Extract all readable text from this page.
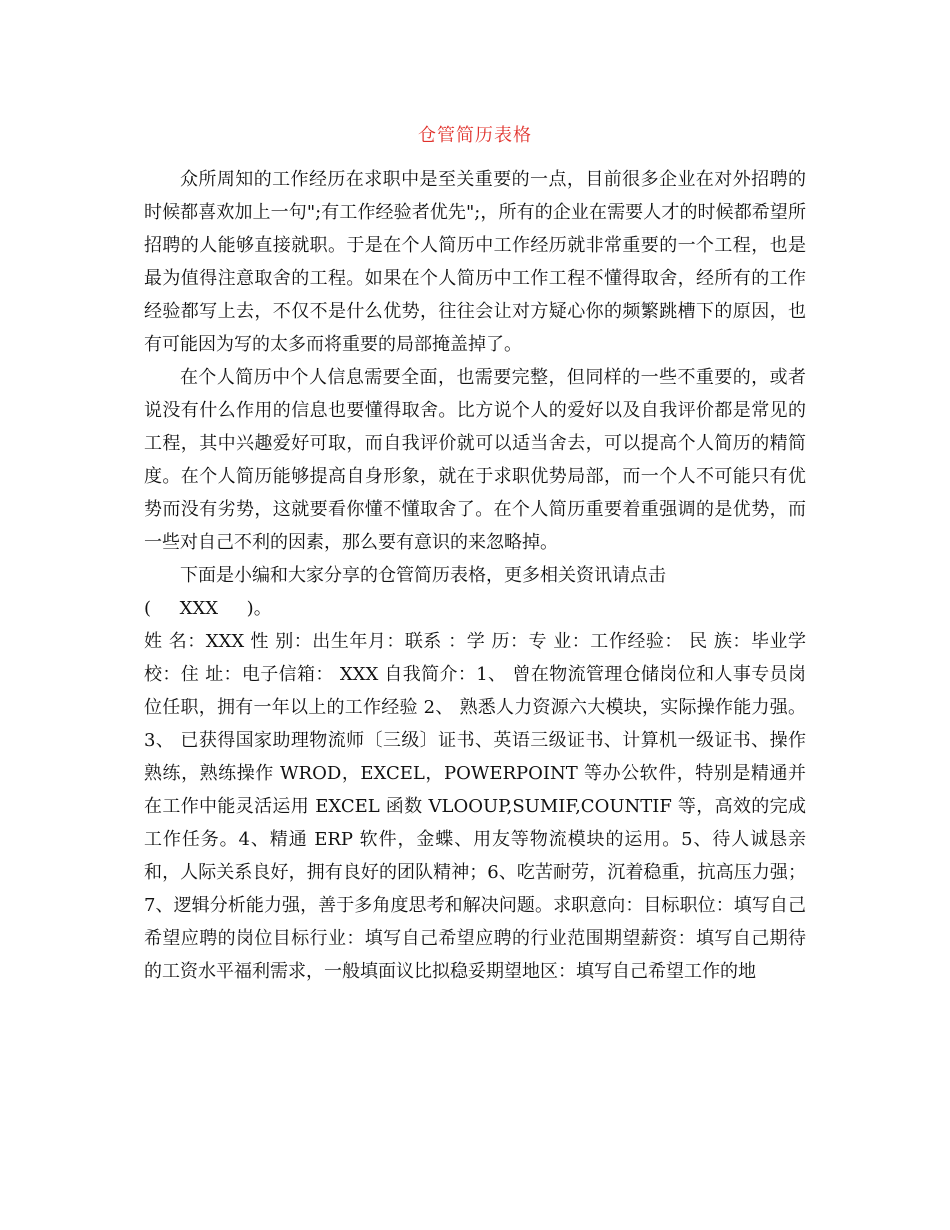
仓管简历表格

众所周知的工作经历在求职中是至关重要的一点，目前很多企业在对外招聘的时候都喜欢加上一句";有工作经验者优先";，所有的企业在需要人才的时候都希望所招聘的人能够直接就职。于是在个人简历中工作经历就非常重要的一个工程，也是最为值得注意取舍的工程。如果在个人简历中工作工程不懂得取舍，经所有的工作经验都写上去，不仅不是什么优势，往往会让对方疑心你的频繁跳槽下的原因，也有可能因为写的太多而将重要的局部掩盖掉了。

在个人简历中个人信息需要全面，也需要完整，但同样的一些不重要的，或者说没有什么作用的信息也要懂得取舍。比方说个人的爱好以及自我评价都是常见的工程，其中兴趣爱好可取，而自我评价就可以适当舍去，可以提高个人简历的精简度。在个人简历能够提高自身形象，就在于求职优势局部，而一个人不可能只有优势而没有劣势，这就要看你懂不懂取舍了。在个人简历重要着重强调的是优势，而一些对自己不利的因素，那么要有意识的来忽略掉。

下面是小编和大家分享的仓管简历表格，更多相关资讯请点击

(     XXX     )。

姓 名：XXX 性 别：出生年月：联系 ：学 历：专 业：工作经验： 民 族：毕业学校：住 址：电子信箱： XXX 自我简介：1、 曾在物流管理仓储岗位和人事专员岗位任职，拥有一年以上的工作经验 2、 熟悉人力资源六大模块，实际操作能力强。3、 已获得国家助理物流师〔三级〕证书、英语三级证书、计算机一级证书、操作熟练，熟练操作 WROD，EXCEL，POWERPOINT 等办公软件，特别是精通并在工作中能灵活运用 EXCEL 函数 VLOOUP,SUMIF,COUNTIF 等，高效的完成工作任务。4、精通 ERP 软件，金蝶、用友等物流模块的运用。5、待人诚恳亲和，人际关系良好，拥有良好的团队精神；6、吃苦耐劳，沉着稳重，抗高压力强；7、逻辑分析能力强，善于多角度思考和解决问题。求职意向：目标职位：填写自己希望应聘的岗位目标行业：填写自己希望应聘的行业范围期望薪资：填写自己期待的工资水平福利需求，一般填面议比拟稳妥期望地区：填写自己希望工作的地
